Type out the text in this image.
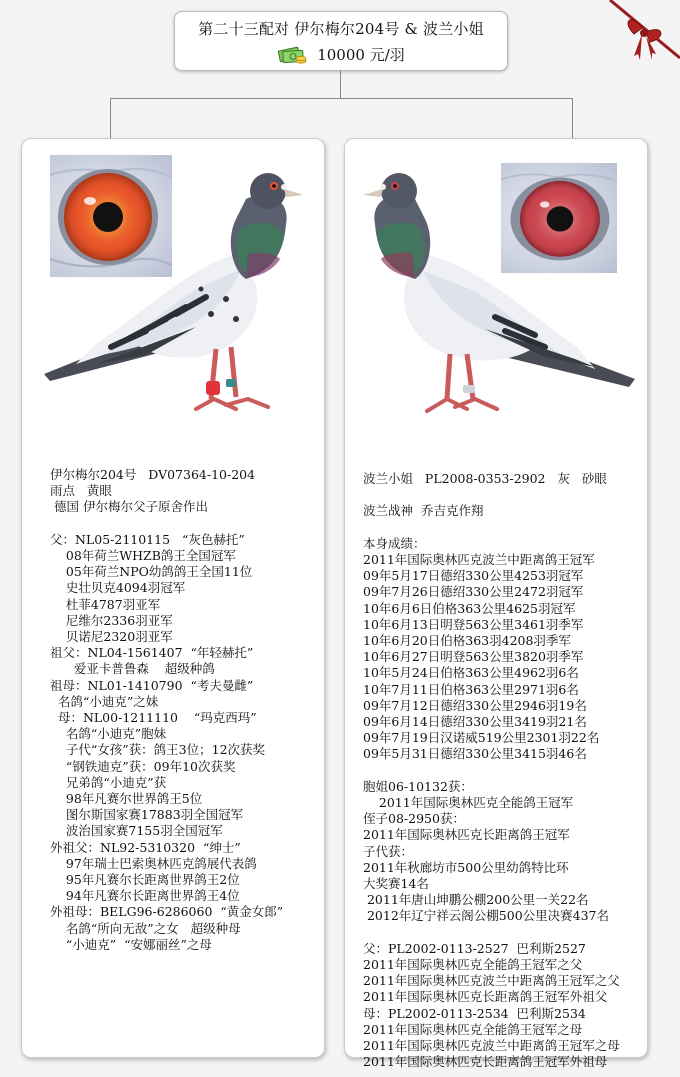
第二十三配对 伊尔梅尔204号 & 波兰小姐
10000 元/羽
伊尔梅尔204号   DV07364-10-204
雨点   黄眼
德国 伊尔梅尔父子原舍作出
父：NL05-2110115   “灰色赫托”
08年荷兰WHZB鸽王全国冠军
05年荷兰NPO幼鸽鸽王全国11位
史壮贝克4094羽冠军
杜菲4787羽亚军
尼维尔2336羽亚军
贝诺尼2320羽亚军
祖父：NL04-1561407  “年轻赫托”
爱亚卡普鲁森    超级种鸽
祖母：NL01-1410790  “考夫曼雌”
名鸽“小迪克”之妹
母：NL00-1211110    “玛克西玛”
名鸽“小迪克”胞妹
子代“女孩”获：鸽王3位；12次获奖
“钢铁迪克”获：09年10次获奖
兄弟鸽“小迪克”获
98年凡赛尔世界鸽王5位
图尔斯国家赛17883羽全国冠军
波治国家赛7155羽全国冠军
外祖父：NL92-5310320  “绅士”
97年瑞士巴索奥林匹克鸽展代表鸽
95年凡赛尔长距离世界鸽王2位
94年凡赛尔长距离世界鸽王4位
外祖母：BELG96-6286060  “黄金女郎”
名鸽“所向无敌”之女   超级种母
“小迪克”  “安娜丽丝”之母
波兰小姐   PL2008-0353-2902   灰   砂眼
波兰战神  乔吉克作翔
本身成绩：
2011年国际奥林匹克波兰中距离鸽王冠军
09年5月17日德绍330公里4253羽冠军
09年7月26日德绍330公里2472羽冠军
10年6月6日伯格363公里4625羽冠军
10年6月13日明登563公里3461羽季军
10年6月20日伯格363羽4208羽季军
10年6月27日明登563公里3820羽季军
10年5月24日伯格363公里4962羽6名
10年7月11日伯格363公里2971羽6名
09年7月12日德绍330公里2946羽19名
09年6月14日德绍330公里3419羽21名
09年7月19日汉诺威519公里2301羽22名
09年5月31日德绍330公里3415羽46名
胞姐06-10132获：
2011年国际奥林匹克全能鸽王冠军
侄子08-2950获：
2011年国际奥林匹克长距离鸽王冠军
子代获：
2011年秋廊坊市500公里幼鸽特比环
大奖赛14名
2011年唐山坤鹏公棚200公里一关22名
2012年辽宁祥云阁公棚500公里决赛437名
父：PL2002-0113-2527  巴利斯2527
2011年国际奥林匹克全能鸽王冠军之父
2011年国际奥林匹克波兰中距离鸽王冠军之父
2011年国际奥林匹克长距离鸽王冠军外祖父
母：PL2002-0113-2534  巴利斯2534
2011年国际奥林匹克全能鸽王冠军之母
2011年国际奥林匹克波兰中距离鸽王冠军之母
2011年国际奥林匹克长距离鸽王冠军外祖母
